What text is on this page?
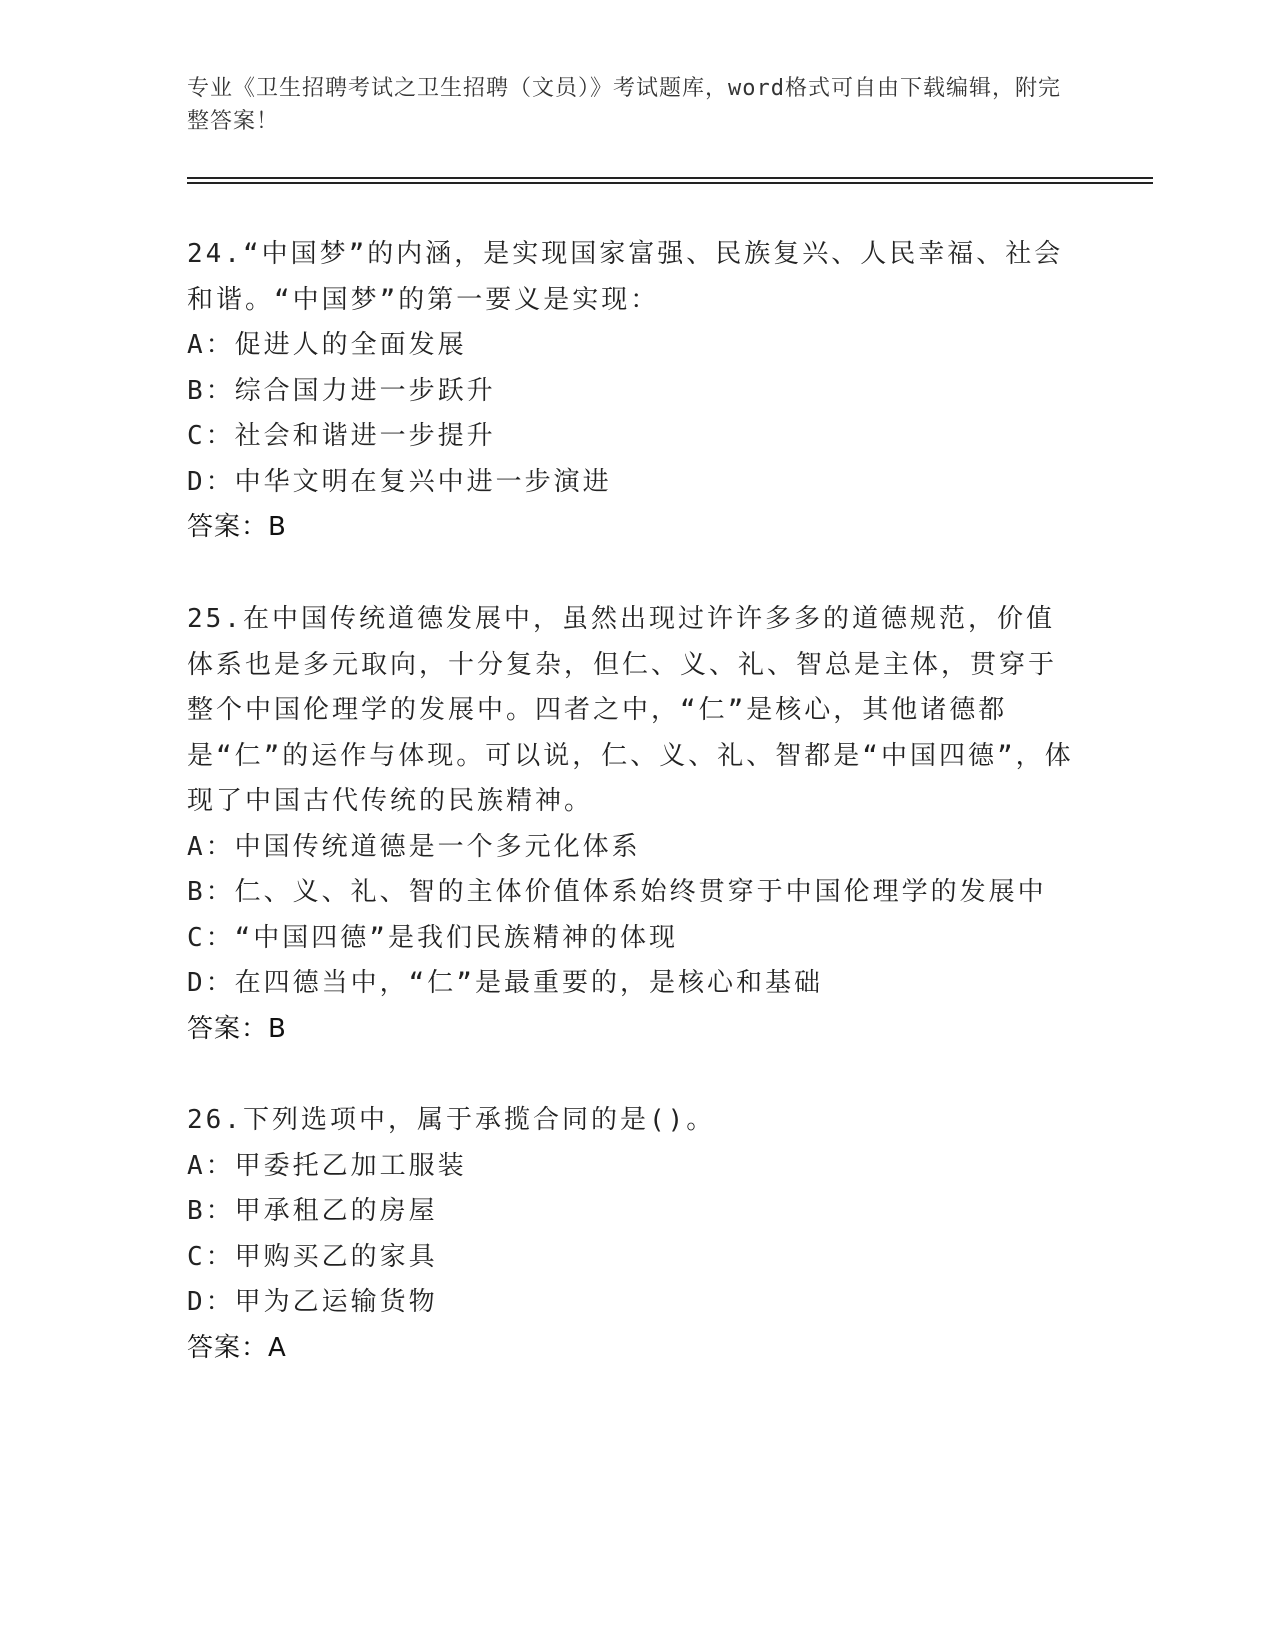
专业《卫生招聘考试之卫生招聘（文员）》考试题库，word格式可自由下载编辑，附完整答案！

24.“中国梦”的内涵，是实现国家富强、民族复兴、人民幸福、社会和谐。“中国梦”的第一要义是实现：

A：促进人的全面发展

B：综合国力进一步跃升

C：社会和谐进一步提升

D：中华文明在复兴中进一步演进

答案：B

25.在中国传统道德发展中，虽然出现过许许多多的道德规范，价值体系也是多元取向，十分复杂，但仁、义、礼、智总是主体，贯穿于整个中国伦理学的发展中。四者之中，“仁”是核心，其他诸德都是“仁”的运作与体现。可以说，仁、义、礼、智都是“中国四德”，体现了中国古代传统的民族精神。

A：中国传统道德是一个多元化体系

B：仁、义、礼、智的主体价值体系始终贯穿于中国伦理学的发展中

C：“中国四德”是我们民族精神的体现

D：在四德当中，“仁”是最重要的，是核心和基础

答案：B

26.下列选项中，属于承揽合同的是()。

A：甲委托乙加工服装

B：甲承租乙的房屋

C：甲购买乙的家具

D：甲为乙运输货物

答案：A
